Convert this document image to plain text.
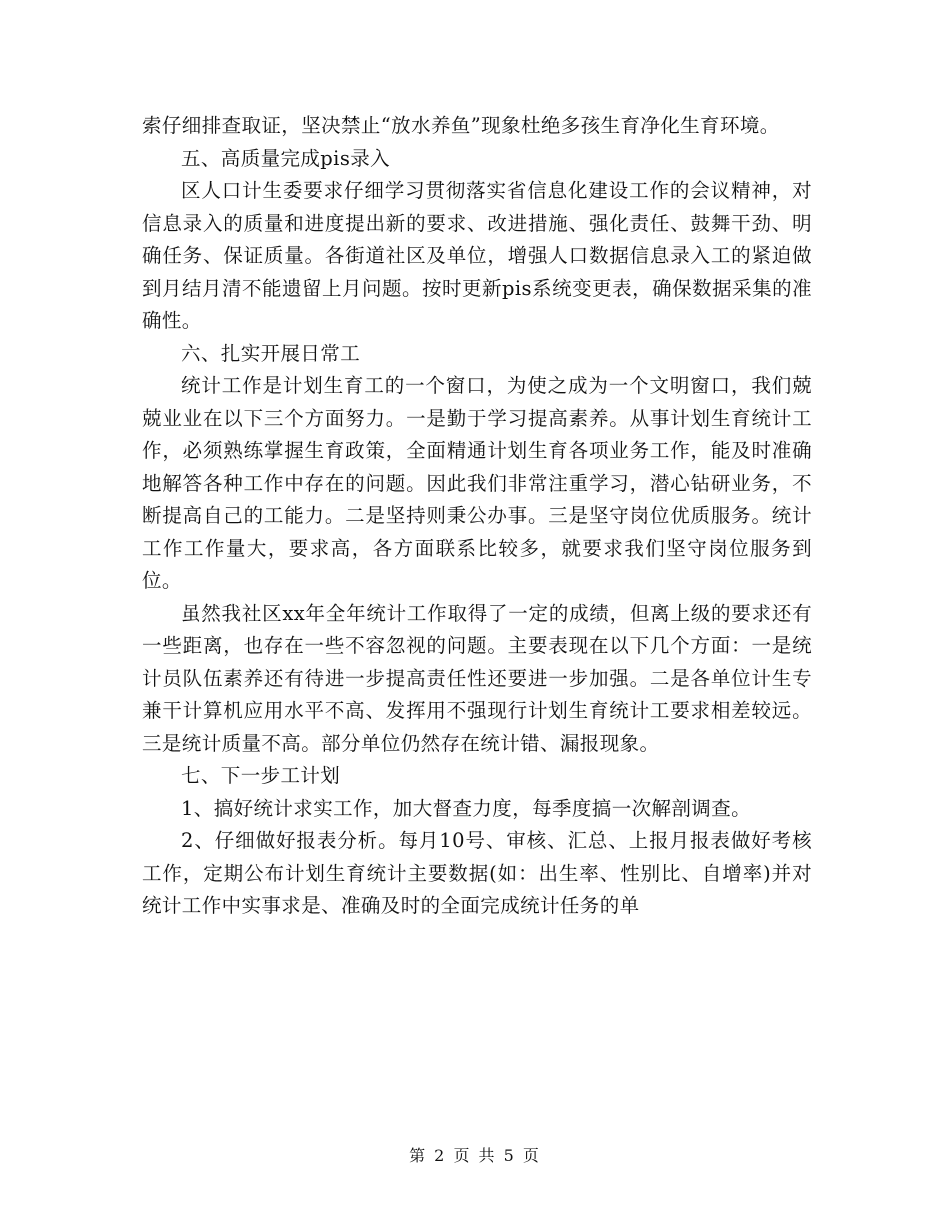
索仔细排查取证，坚决禁止“放水养鱼”现象杜绝多孩生育净化生育环境。

五、高质量完成pis录入

区人口计生委要求仔细学习贯彻落实省信息化建设工作的会议精神，对信息录入的质量和进度提出新的要求、改进措施、强化责任、鼓舞干劲、明确任务、保证质量。各街道社区及单位，增强人口数据信息录入工的紧迫做到月结月清不能遗留上月问题。按时更新pis系统变更表，确保数据采集的准确性。

六、扎实开展日常工

统计工作是计划生育工的一个窗口，为使之成为一个文明窗口，我们兢兢业业在以下三个方面努力。一是勤于学习提高素养。从事计划生育统计工作，必须熟练掌握生育政策，全面精通计划生育各项业务工作，能及时准确地解答各种工作中存在的问题。因此我们非常注重学习，潜心钻研业务，不断提高自己的工能力。二是坚持则秉公办事。三是坚守岗位优质服务。统计工作工作量大，要求高，各方面联系比较多，就要求我们坚守岗位服务到位。

虽然我社区xx年全年统计工作取得了一定的成绩，但离上级的要求还有一些距离，也存在一些不容忽视的问题。主要表现在以下几个方面：一是统计员队伍素养还有待进一步提高责任性还要进一步加强。二是各单位计生专兼干计算机应用水平不高、发挥用不强现行计划生育统计工要求相差较远。三是统计质量不高。部分单位仍然存在统计错、漏报现象。

七、下一步工计划

1、搞好统计求实工作，加大督查力度，每季度搞一次解剖调查。

2、仔细做好报表分析。每月10号、审核、汇总、上报月报表做好考核工作，定期公布计划生育统计主要数据(如：出生率、性别比、自增率)并对统计工作中实事求是、准确及时的全面完成统计任务的单

第 2 页 共 5 页
